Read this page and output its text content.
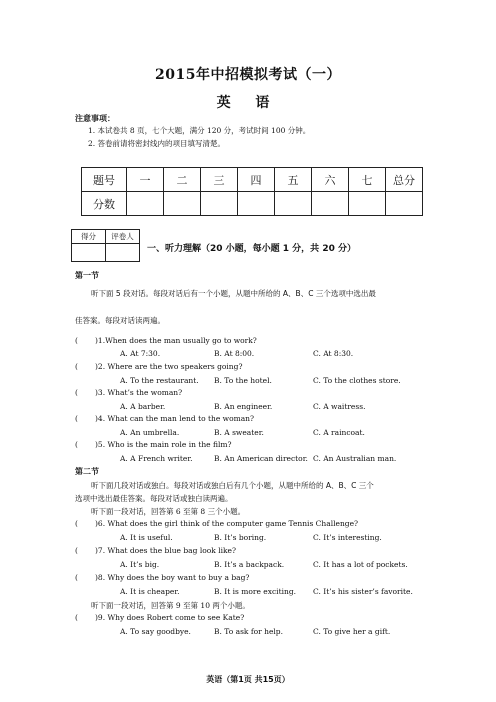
2015年中招模拟考试（一）
英 语
注意事项：
1. 本试卷共 8 页，七个大题，满分 120 分，考试时间 100 分钟。
2. 答卷前请将密封线内的项目填写清楚。
题号	一	二	三	四	五	六	七	总分
分数								
得分	评卷人

一、听力理解（20 小题，每小题 1 分，共 20 分）
第一节
听下面 5 段对话。每段对话后有一个小题，从题中所给的 A、B、C 三个选项中选出最
佳答案。每段对话读两遍。
( )1.When does the man usually go to work?
A. At 7:30.	B. At 8:00.	C. At 8:30.
( )2. Where are the two speakers going?
A. To the restaurant. B. To the hotel.	C. To the clothes store.
( )3. What’s the woman?
A. A barber.	B. An engineer.	C. A waitress.
( )4. What can the man lend to the woman?
A. An umbrella.	B. A sweater.	C. A raincoat.
( )5. Who is the main role in the film?
A. A French writer.	B. An American director. C. An Australian man.
第二节
听下面几段对话或独白。每段对话或独白后有几个小题，从题中所给的 A、B、C 三个
选项中选出最佳答案。每段对话或独白读两遍。
听下面一段对话，回答第 6 至第 8 三个小题。
( )6. What does the girl think of the computer game Tennis Challenge?
A. It is useful.	B. It’s boring.	C. It’s interesting.
( )7. What does the blue bag look like?
A. It’s big.	B. It’s a backpack.	C. It has a lot of pockets.
( )8. Why does the boy want to buy a bag?
A. It is cheaper.	B. It is more exciting. C. It’s his sister’s favorite.
听下面一段对话，回答第 9 至第 10 两个小题。
( )9. Why does Robert come to see Kate?
A. To say goodbye.	B. To ask for help.	C. To give her a gift.
英语（第1页 共15页）
